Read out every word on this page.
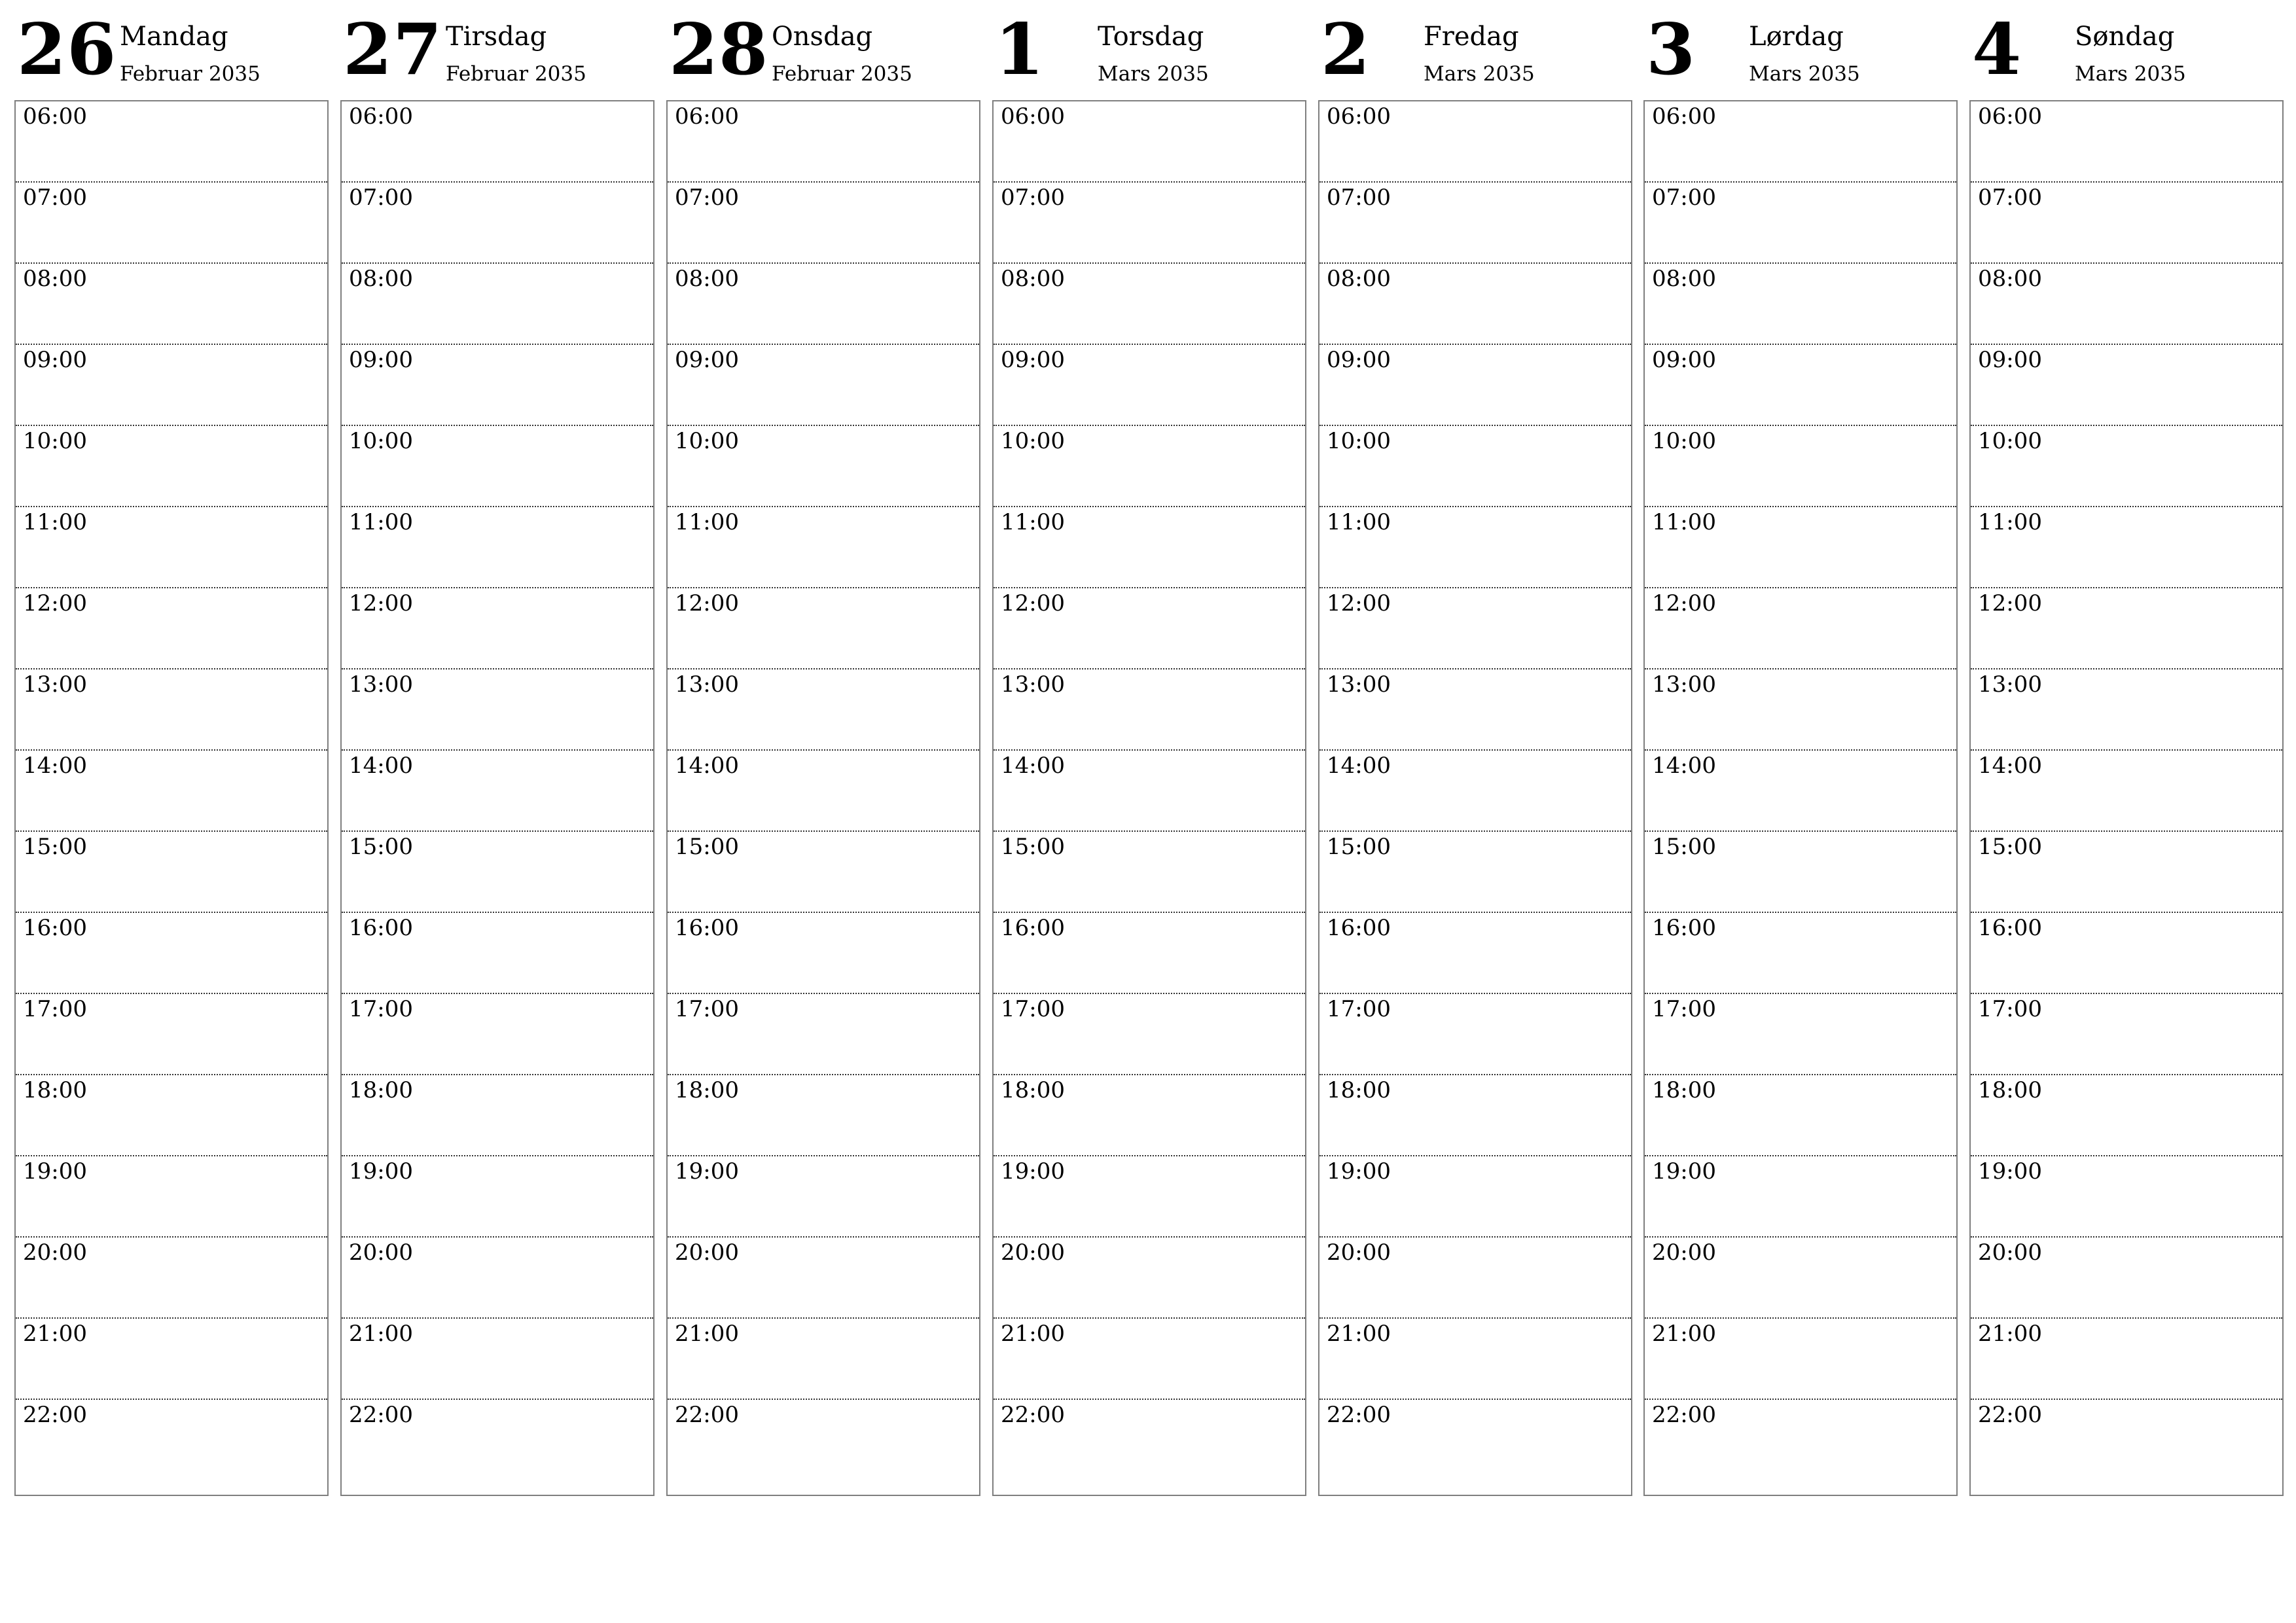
26 Mandag
Februar 2035
06:00
07:00
08:00
09:00
10:00
11:00
12:00
13:00
14:00
15:00
16:00
17:00
18:00
19:00
20:00
21:00
22:00
27 Tirsdag
Februar 2035
06:00
07:00
08:00
09:00
10:00
11:00
12:00
13:00
14:00
15:00
16:00
17:00
18:00
19:00
20:00
21:00
22:00
28 Onsdag
Februar 2035
06:00
07:00
08:00
09:00
10:00
11:00
12:00
13:00
14:00
15:00
16:00
17:00
18:00
19:00
20:00
21:00
22:00
1 Torsdag
Mars 2035
06:00
07:00
08:00
09:00
10:00
11:00
12:00
13:00
14:00
15:00
16:00
17:00
18:00
19:00
20:00
21:00
22:00
2 Fredag
Mars 2035
06:00
07:00
08:00
09:00
10:00
11:00
12:00
13:00
14:00
15:00
16:00
17:00
18:00
19:00
20:00
21:00
22:00
3 Lørdag
Mars 2035
06:00
07:00
08:00
09:00
10:00
11:00
12:00
13:00
14:00
15:00
16:00
17:00
18:00
19:00
20:00
21:00
22:00
4 Søndag
Mars 2035
06:00
07:00
08:00
09:00
10:00
11:00
12:00
13:00
14:00
15:00
16:00
17:00
18:00
19:00
20:00
21:00
22:00
